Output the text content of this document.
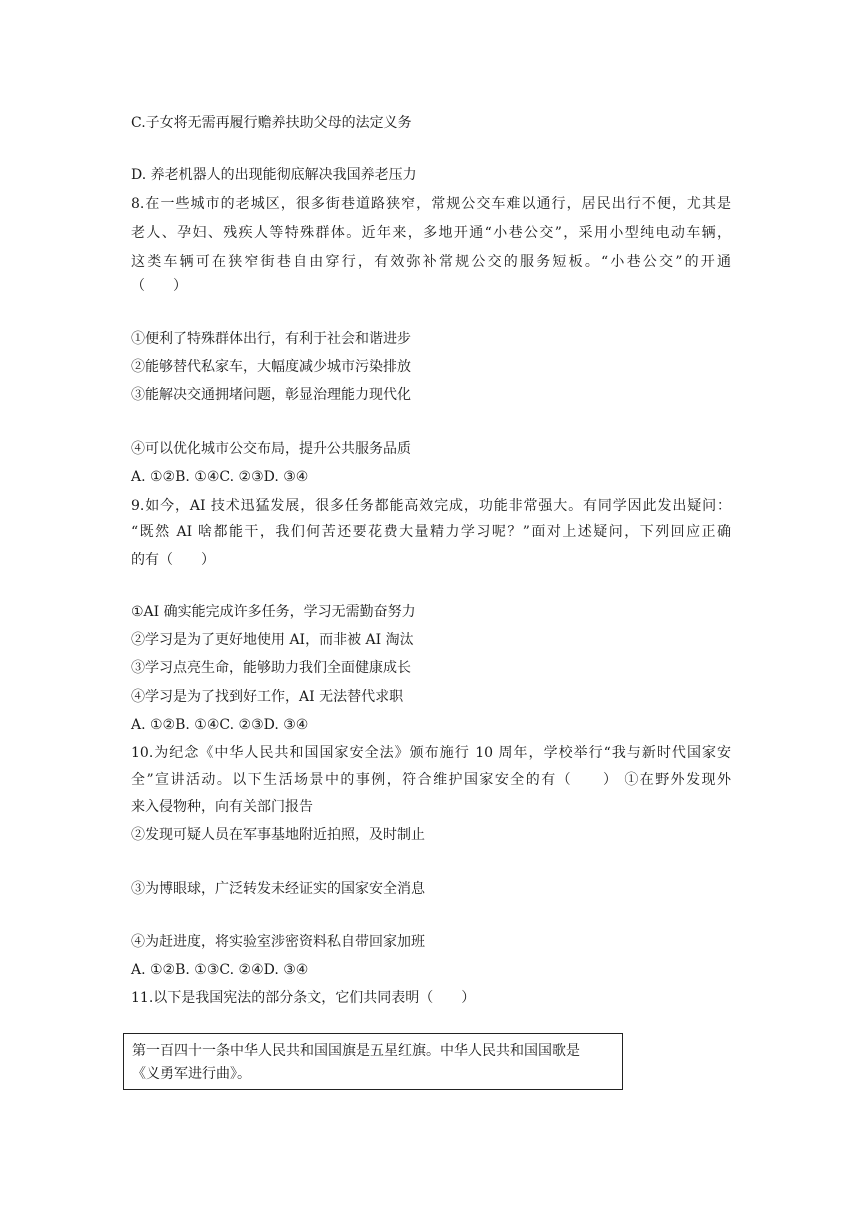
C.子女将无需再履行赡养扶助父母的法定义务
D. 养老机器人的出现能彻底解决我国养老压力
8.在一些城市的老城区，很多街巷道路狭窄，常规公交车难以通行，居民出行不便，尤其是
老人、孕妇、残疾人等特殊群体。近年来，多地开通“小巷公交”，采用小型纯电动车辆，
这类车辆可在狭窄街巷自由穿行，有效弥补常规公交的服务短板。“小巷公交”的开通
（　　）
①便利了特殊群体出行，有利于社会和谐进步
②能够替代私家车，大幅度减少城市污染排放
③能解决交通拥堵问题，彰显治理能力现代化
④可以优化城市公交布局，提升公共服务品质
A. ①②B. ①④C. ②③D. ③④
9.如今，AI 技术迅猛发展，很多任务都能高效完成，功能非常强大。有同学因此发出疑问：
“既然 AI 啥都能干，我们何苦还要花费大量精力学习呢？”面对上述疑问，下列回应正确
的有（　　）
①AI 确实能完成许多任务，学习无需勤奋努力
②学习是为了更好地使用 AI，而非被 AI 淘汰
③学习点亮生命，能够助力我们全面健康成长
④学习是为了找到好工作，AI 无法替代求职
A. ①②B. ①④C. ②③D. ③④
10.为纪念《中华人民共和国国家安全法》颁布施行 10 周年，学校举行“我与新时代国家安
全”宣讲活动。以下生活场景中的事例，符合维护国家安全的有（　　） ①在野外发现外
来入侵物种，向有关部门报告
②发现可疑人员在军事基地附近拍照，及时制止
③为博眼球，广泛转发未经证实的国家安全消息
④为赶进度，将实验室涉密资料私自带回家加班
A. ①②B. ①③C. ②④D. ③④
11.以下是我国宪法的部分条文，它们共同表明（　　）
第一百四十一条中华人民共和国国旗是五星红旗。中华人民共和国国歌是
《义勇军进行曲》。
